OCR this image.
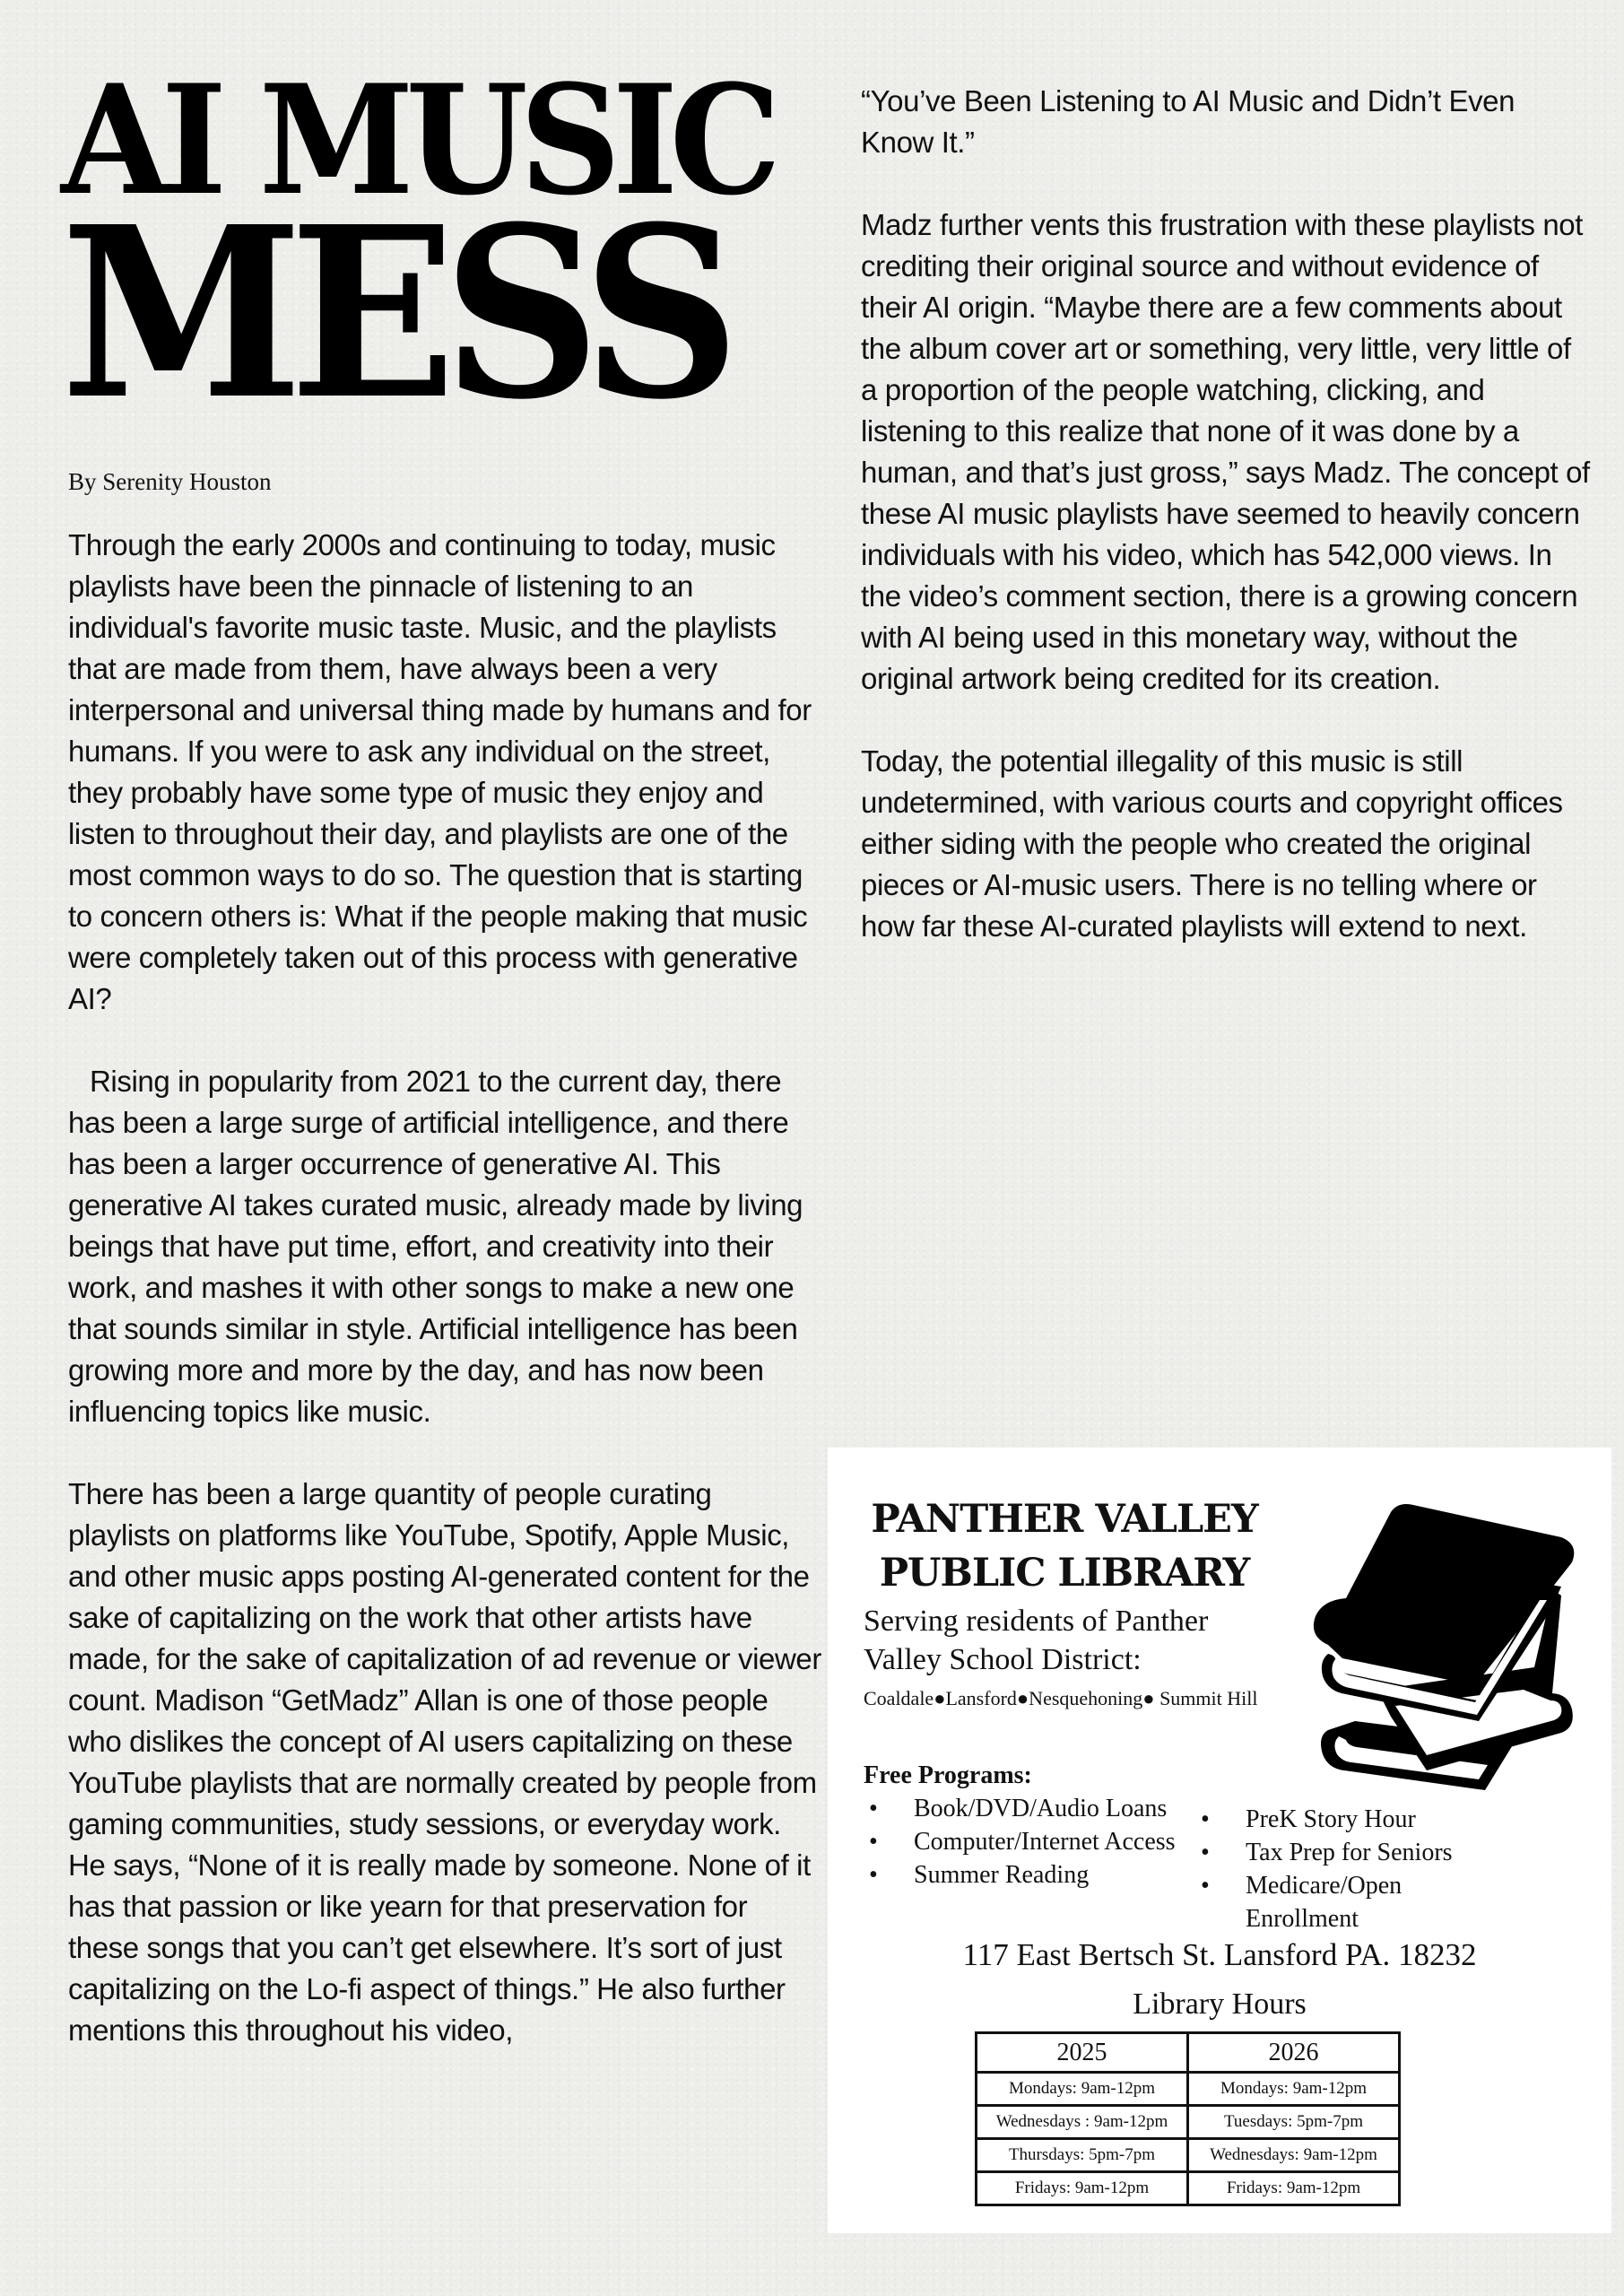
AI MUSIC
MESS
By Serenity Houston

Through the early 2000s and continuing to today, music playlists have been the pinnacle of listening to an individual's favorite music taste. Music, and the playlists that are made from them, have always been a very interpersonal and universal thing made by humans and for humans. If you were to ask any individual on the street, they probably have some type of music they enjoy and listen to throughout their day, and playlists are one of the most common ways to do so. The question that is starting to concern others is: What if the people making that music were completely taken out of this process with generative AI?

Rising in popularity from 2021 to the current day, there has been a large surge of artificial intelligence, and there has been a larger occurrence of generative AI. This generative AI takes curated music, already made by living beings that have put time, effort, and creativity into their work, and mashes it with other songs to make a new one that sounds similar in style. Artificial intelligence has been growing more and more by the day, and has now been influencing topics like music.

There has been a large quantity of people curating playlists on platforms like YouTube, Spotify, Apple Music, and other music apps posting AI-generated content for the sake of capitalizing on the work that other artists have made, for the sake of capitalization of ad revenue or viewer count. Madison “GetMadz” Allan is one of those people who dislikes the concept of AI users capitalizing on these YouTube playlists that are normally created by people from gaming communities, study sessions, or everyday work. He says, “None of it is really made by someone. None of it has that passion or like yearn for that preservation for these songs that you can’t get elsewhere. It’s sort of just capitalizing on the Lo-fi aspect of things.” He also further mentions this throughout his video,

“You’ve Been Listening to AI Music and Didn’t Even Know It.”

Madz further vents this frustration with these playlists not crediting their original source and without evidence of their AI origin. “Maybe there are a few comments about the album cover art or something, very little, very little of a proportion of the people watching, clicking, and listening to this realize that none of it was done by a human, and that’s just gross,” says Madz. The concept of these AI music playlists have seemed to heavily concern individuals with his video, which has 542,000 views. In the video’s comment section, there is a growing concern with AI being used in this monetary way, without the original artwork being credited for its creation.

Today, the potential illegality of this music is still undetermined, with various courts and copyright offices either siding with the people who created the original pieces or AI-music users. There is no telling where or how far these AI-curated playlists will extend to next.

PANTHER VALLEY
PUBLIC LIBRARY
Serving residents of Panther Valley School District:
Coaldale●Lansford●Nesquehoning● Summit Hill
Free Programs:
• Book/DVD/Audio Loans
• Computer/Internet Access
• Summer Reading
• PreK Story Hour
• Tax Prep for Seniors
• Medicare/Open Enrollment
117 East Bertsch St. Lansford PA. 18232
Library Hours
2025	2026
Mondays: 9am-12pm	Mondays: 9am-12pm
Wednesdays : 9am-12pm	Tuesdays: 5pm-7pm
Thursdays: 5pm-7pm	Wednesdays: 9am-12pm
Fridays: 9am-12pm	Fridays: 9am-12pm
